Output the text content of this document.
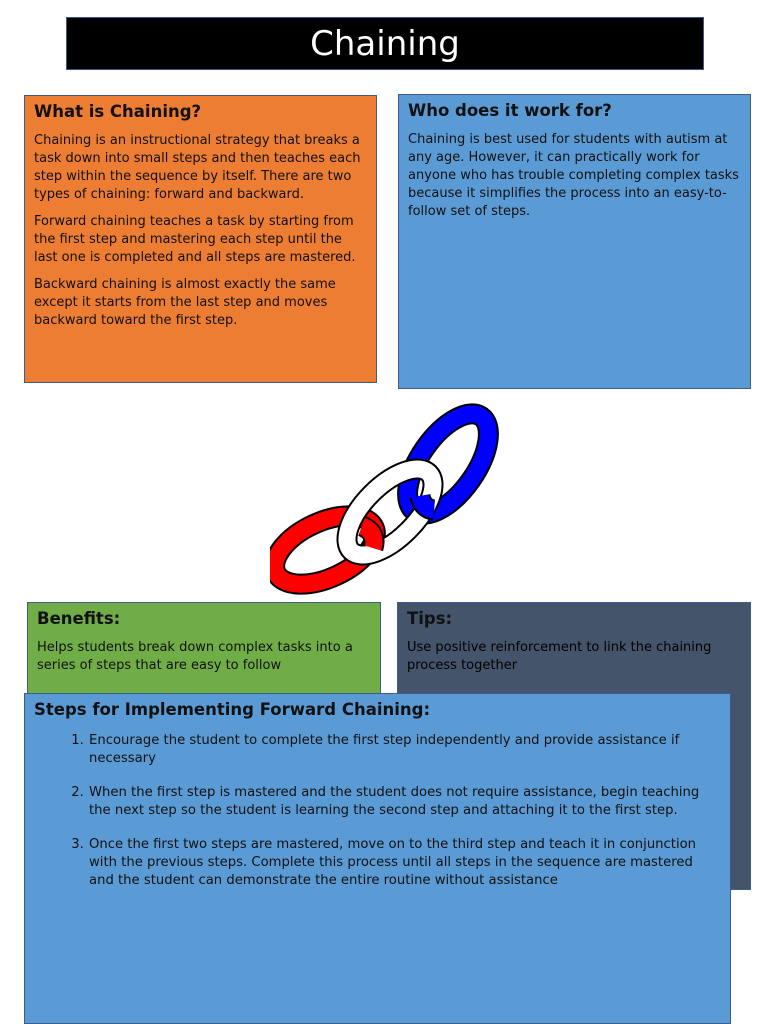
Chaining
What is Chaining?

Chaining is an instructional strategy that breaks a task down into small steps and then teaches each step within the sequence by itself. There are two types of chaining: forward and backward.

Forward chaining teaches a task by starting from the first step and mastering each step until the last one is completed and all steps are mastered.

Backward chaining is almost exactly the same except it starts from the last step and moves backward toward the first step.

Who does it work for?

Chaining is best used for students with autism at any age. However, it can practically work for anyone who has trouble completing complex tasks because it simplifies the process into an easy-to-follow set of steps.

Benefits:

Helps students break down complex tasks into a series of steps that are easy to follow

Tips:

Use positive reinforcement to link the chaining process together

Steps for Implementing Forward Chaining:
1. Encourage the student to complete the first step independently and provide assistance if necessary
2. When the first step is mastered and the student does not require assistance, begin teaching the next step so the student is learning the second step and attaching it to the first step.
3. Once the first two steps are mastered, move on to the third step and teach it in conjunction with the previous steps. Complete this process until all steps in the sequence are mastered and the student can demonstrate the entire routine without assistance
